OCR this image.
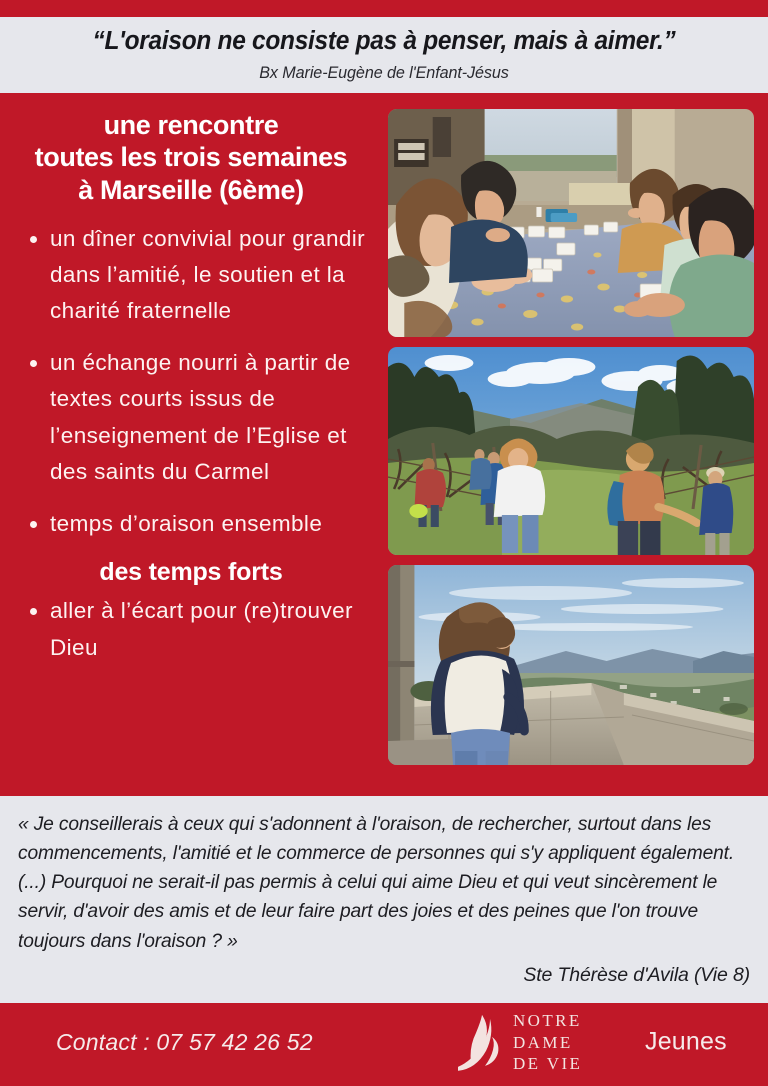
“L'oraison ne consiste pas à penser, mais à aimer.”

Bx Marie-Eugène de l'Enfant-Jésus

une rencontre
toutes les trois semaines
à Marseille (6ème)
un dîner convivial pour grandir dans l’amitié, le soutien et la charité fraternelle
un échange nourri à partir de textes courts issus de l’enseignement de l’Eglise et des saints du Carmel
temps d’oraison ensemble
des temps forts
aller à l’écart pour (re)trouver Dieu

« Je conseillerais à ceux qui s'adonnent à l'oraison, de rechercher, surtout dans les commencements, l'amitié et le commerce de personnes qui s'y appliquent également. (...) Pourquoi ne serait-il pas permis à celui qui aime Dieu et qui veut sincèrement le servir, d'avoir des amis et de leur faire part des joies et des peines que l'on trouve toujours dans l'oraison ? »

Ste Thérèse d'Avila (Vie 8)

Contact : 07 57 42 26 52
NOTRE
DAME
DE VIE
Jeunes
